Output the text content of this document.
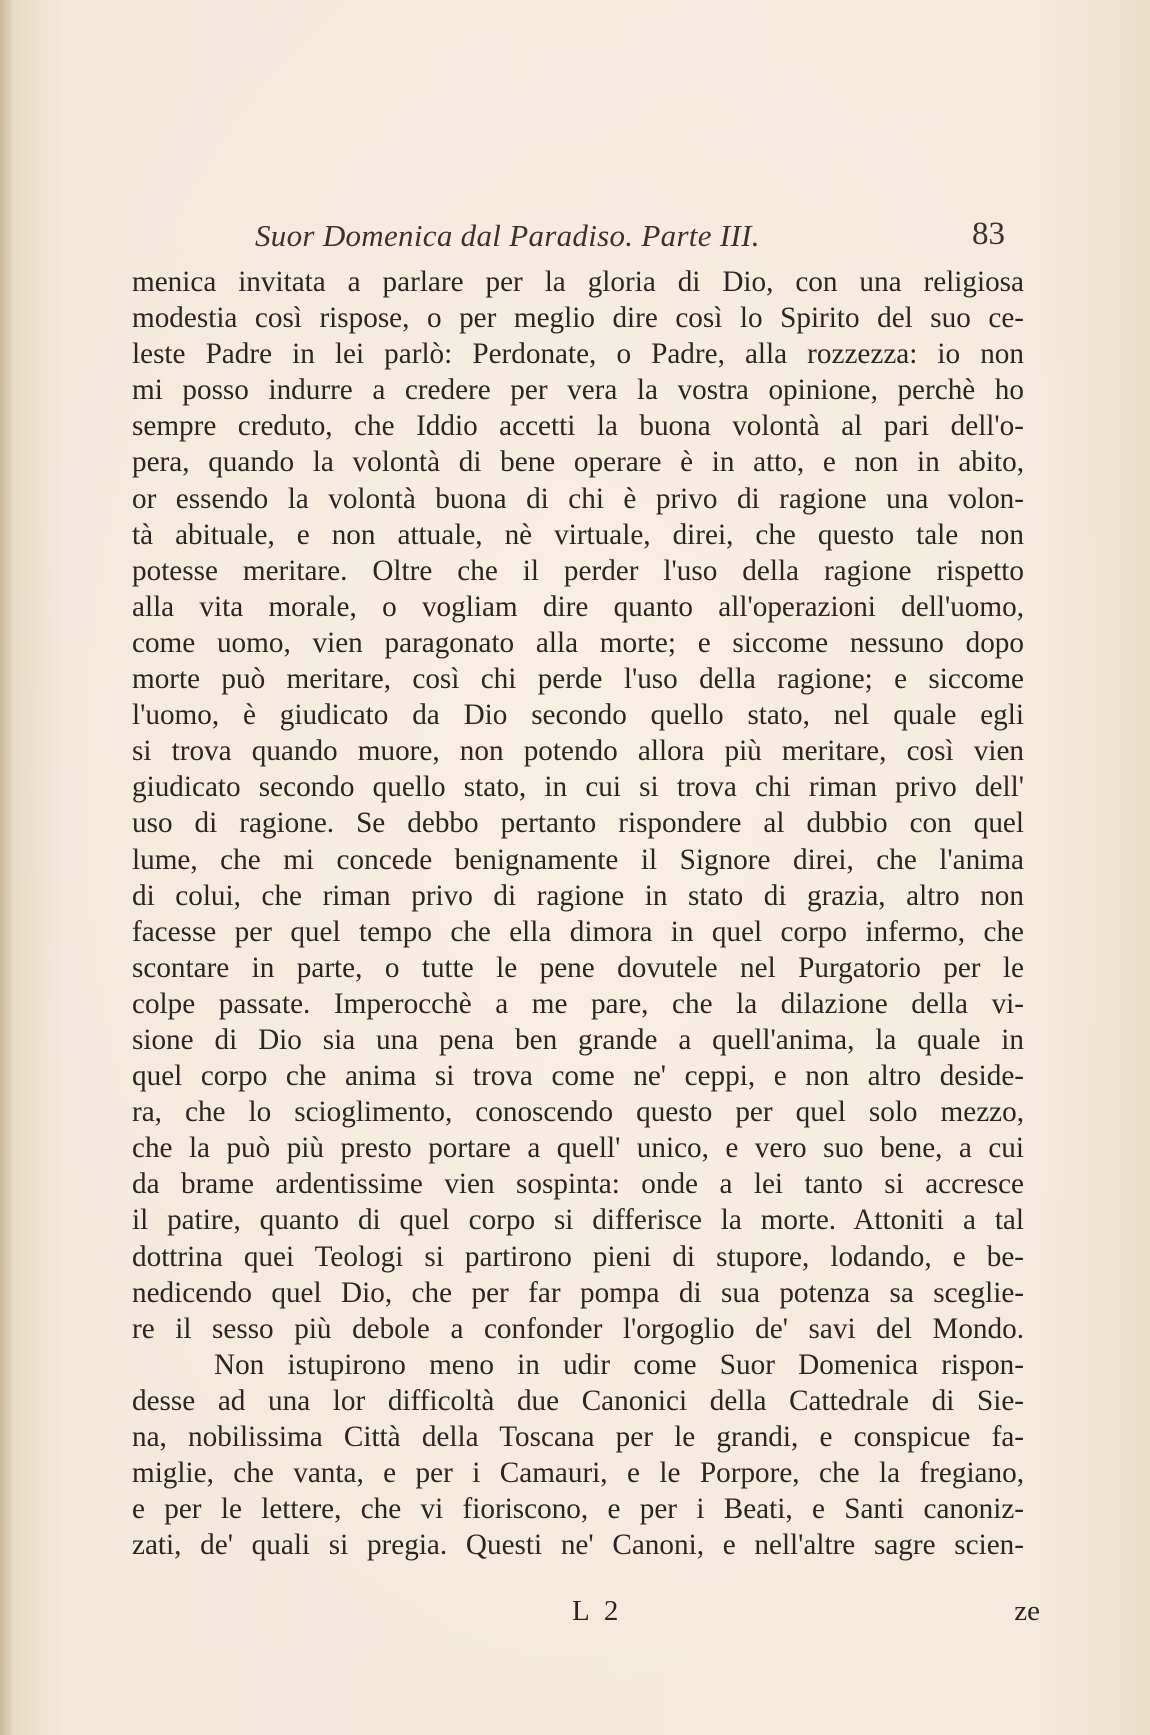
Suor Domenica dal Paradiso. Parte III.	83
menica invitata a parlare per la gloria di Dio, con una religiosa
modestia così rispose, o per meglio dire così lo Spirito del suo ce-
leste Padre in lei parlò: Perdonate, o Padre, alla rozzezza: io non
mi posso indurre a credere per vera la vostra opinione, perchè ho
sempre creduto, che Iddio accetti la buona volontà al pari dell'o-
pera, quando la volontà di bene operare è in atto, e non in abito,
or essendo la volontà buona di chi è privo di ragione una volon-
tà abituale, e non attuale, nè virtuale, direi, che questo tale non
potesse meritare. Oltre che il perder l'uso della ragione rispetto
alla vita morale, o vogliam dire quanto all'operazioni dell'uomo,
come uomo, vien paragonato alla morte; e siccome nessuno dopo
morte può meritare, così chi perde l'uso della ragione; e siccome
l'uomo, è giudicato da Dio secondo quello stato, nel quale egli
si trova quando muore, non potendo allora più meritare, così vien
giudicato secondo quello stato, in cui si trova chi riman privo dell'
uso di ragione. Se debbo pertanto rispondere al dubbio con quel
lume, che mi concede benignamente il Signore direi, che l'anima
di colui, che riman privo di ragione in stato di grazia, altro non
facesse per quel tempo che ella dimora in quel corpo infermo, che
scontare in parte, o tutte le pene dovutele nel Purgatorio per le
colpe passate. Imperocchè a me pare, che la dilazione della vi-
sione di Dio sia una pena ben grande a quell'anima, la quale in
quel corpo che anima si trova come ne' ceppi, e non altro deside-
ra, che lo scioglimento, conoscendo questo per quel solo mezzo,
che la può più presto portare a quell' unico, e vero suo bene, a cui
da brame ardentissime vien sospinta: onde a lei tanto si accresce
il patire, quanto di quel corpo si differisce la morte. Attoniti a tal
dottrina quei Teologi si partirono pieni di stupore, lodando, e be-
nedicendo quel Dio, che per far pompa di sua potenza sa sceglie-
re il sesso più debole a confonder l'orgoglio de' savi del Mondo.
Non istupirono meno in udir come Suor Domenica rispon-
desse ad una lor difficoltà due Canonici della Cattedrale di Sie-
na, nobilissima Città della Toscana per le grandi, e conspicue fa-
miglie, che vanta, e per i Camauri, e le Porpore, che la fregiano,
e per le lettere, che vi fioriscono, e per i Beati, e Santi canoniz-
zati, de' quali si pregia. Questi ne' Canoni, e nell'altre sagre scien-
L 2	ze
